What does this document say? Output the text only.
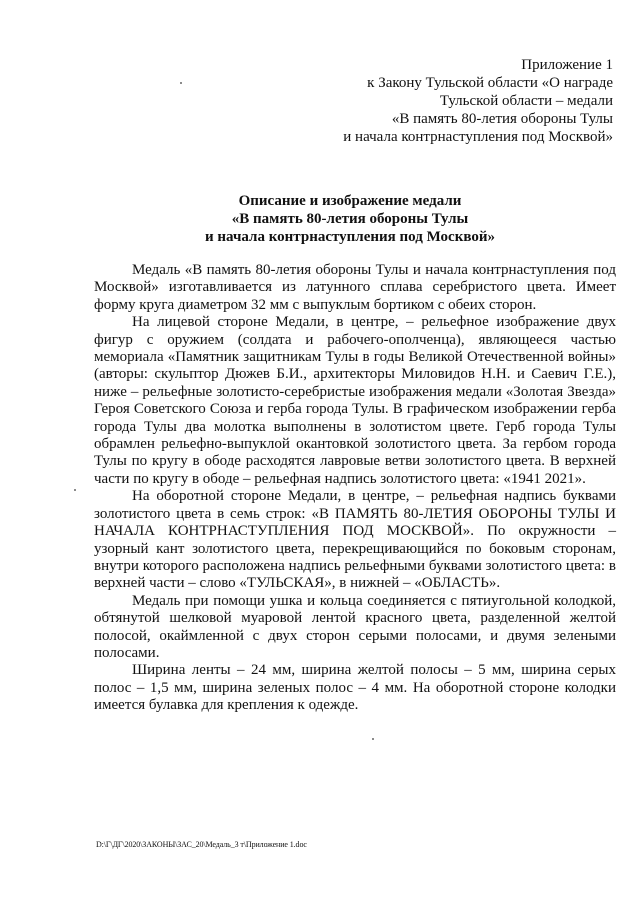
Приложение 1
к Закону Тульской области «О награде
Тульской области – медали
«В память 80-летия обороны Тулы
и начала контрнаступления под Москвой»
Описание и изображение медали
«В память 80-летия обороны Тулы
и начала контрнаступления под Москвой»

Медаль «В память 80-летия обороны Тулы и начала контрнаступления под Москвой» изготавливается из латунного сплава серебристого цвета. Имеет форму круга диаметром 32 мм с выпуклым бортиком с обеих сторон.

На лицевой стороне Медали, в центре, – рельефное изображение двух фигур с оружием (солдата и рабочего-ополченца), являющееся частью мемориала «Памятник защитникам Тулы в годы Великой Отечественной войны» (авторы: скульптор Дюжев Б.И., архитекторы Миловидов Н.Н. и Саевич Г.Е.), ниже – рельефные золотисто-серебристые изображения медали «Золотая Звезда» Героя Советского Союза и герба города Тулы. В графическом изображении герба города Тулы два молотка выполнены в золотистом цвете. Герб города Тулы обрамлен рельефно-выпуклой окантовкой золотистого цвета. За гербом города Тулы по кругу в ободе расходятся лавровые ветви золотистого цвета. В верхней части по кругу в ободе – рельефная надпись золотистого цвета: «1941 2021».

На оборотной стороне Медали, в центре, – рельефная надпись буквами золотистого цвета в семь строк: «В ПАМЯТЬ 80-ЛЕТИЯ ОБОРОНЫ ТУЛЫ И НАЧАЛА КОНТРНАСТУПЛЕНИЯ ПОД МОСКВОЙ». По окружности – узорный кант золотистого цвета, перекрещивающийся по боковым сторонам, внутри которого расположена надпись рельефными буквами золотистого цвета: в верхней части – слово «ТУЛЬСКАЯ», в нижней – «ОБЛАСТЬ».

Медаль при помощи ушка и кольца соединяется с пятиугольной колодкой, обтянутой шелковой муаровой лентой красного цвета, разделенной желтой полосой, окаймленной с двух сторон серыми полосами, и двумя зелеными полосами.

Ширина ленты – 24 мм, ширина желтой полосы – 5 мм, ширина серых полос – 1,5 мм, ширина зеленых полос – 4 мм. На оборотной стороне колодки имеется булавка для крепления к одежде.

D:\Г\ДГ\2020\ЗАКОНЫ\ЗАС_20\Медаль_3 т\Приложение 1.doc
